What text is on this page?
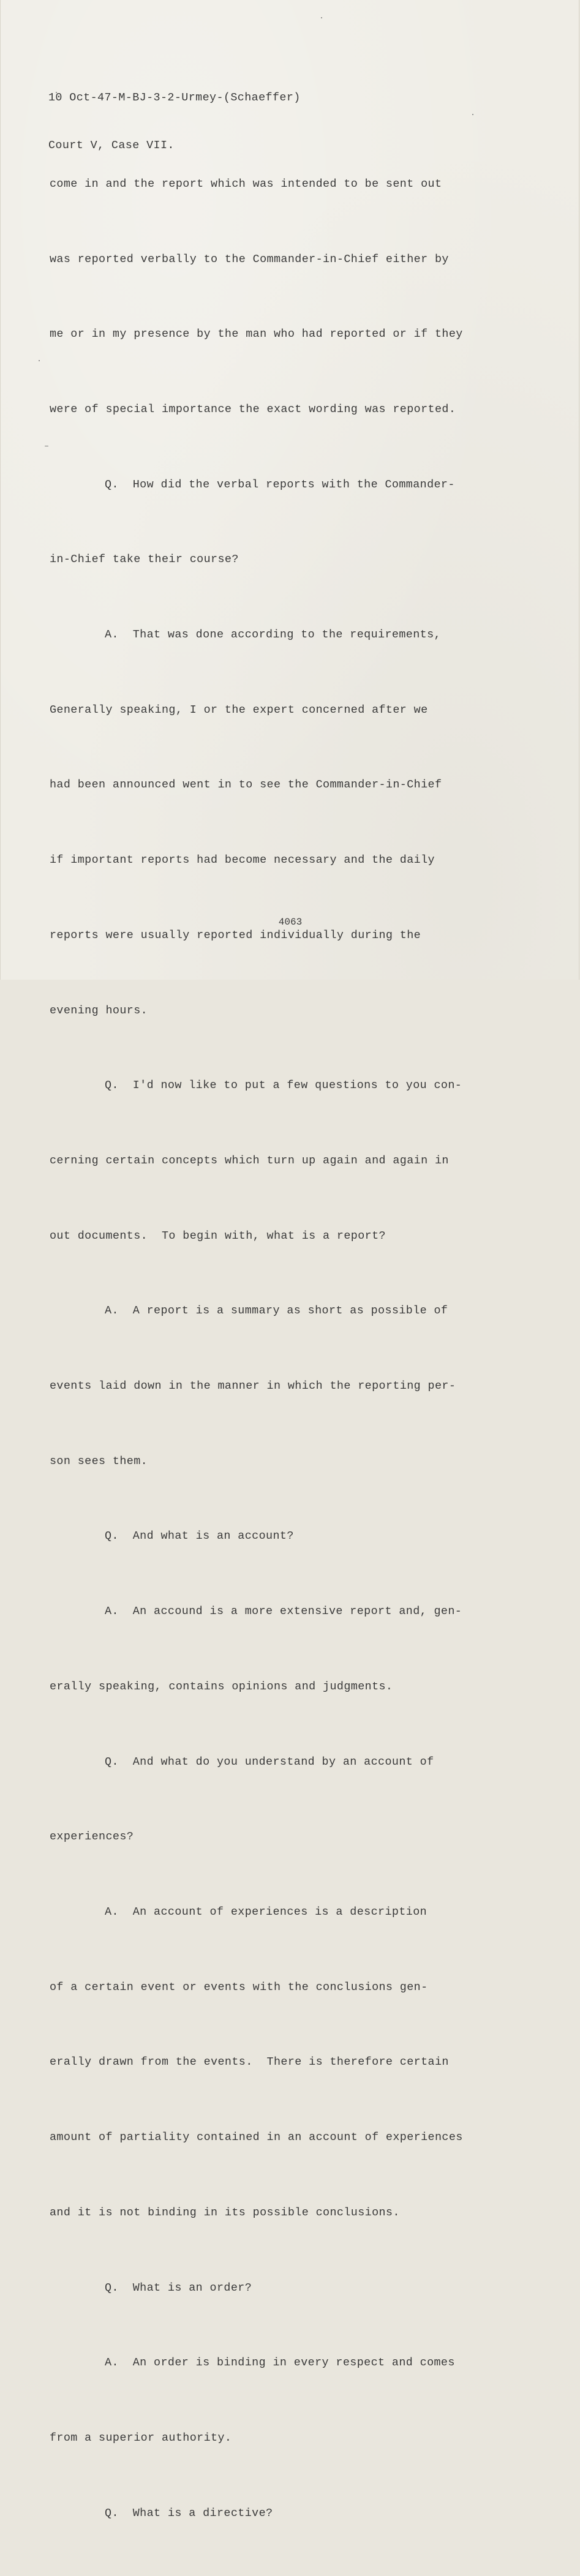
10 Oct-47-M-BJ-3-2-Urmey-(Schaeffer)

Court V, Case VII.

come in and the report which was intended to be sent out

was reported verbally to the Commander-in-Chief either by

me or in my presence by the man who had reported or if they

were of special importance the exact wording was reported.

Q.  How did the verbal reports with the Commander-

in-Chief take their course?

A.  That was done according to the requirements,

Generally speaking, I or the expert concerned after we

had been announced went in to see the Commander-in-Chief

if important reports had become necessary and the daily

reports were usually reported individually during the

evening hours.

Q.  I'd now like to put a few questions to you con-

cerning certain concepts which turn up again and again in

out documents.  To begin with, what is a report?

A.  A report is a summary as short as possible of

events laid down in the manner in which the reporting per-

son sees them.

Q.  And what is an account?

A.  An accound is a more extensive report and, gen-

erally speaking, contains opinions and judgments.

Q.  And what do you understand by an account of

experiences?

A.  An account of experiences is a description

of a certain event or events with the conclusions gen-

erally drawn from the events.  There is therefore certain

amount of partiality contained in an account of experiences

and it is not binding in its possible conclusions.

Q.  What is an order?

A.  An order is binding in every respect and comes

from a superior authority.

Q.  What is a directive?

4063
